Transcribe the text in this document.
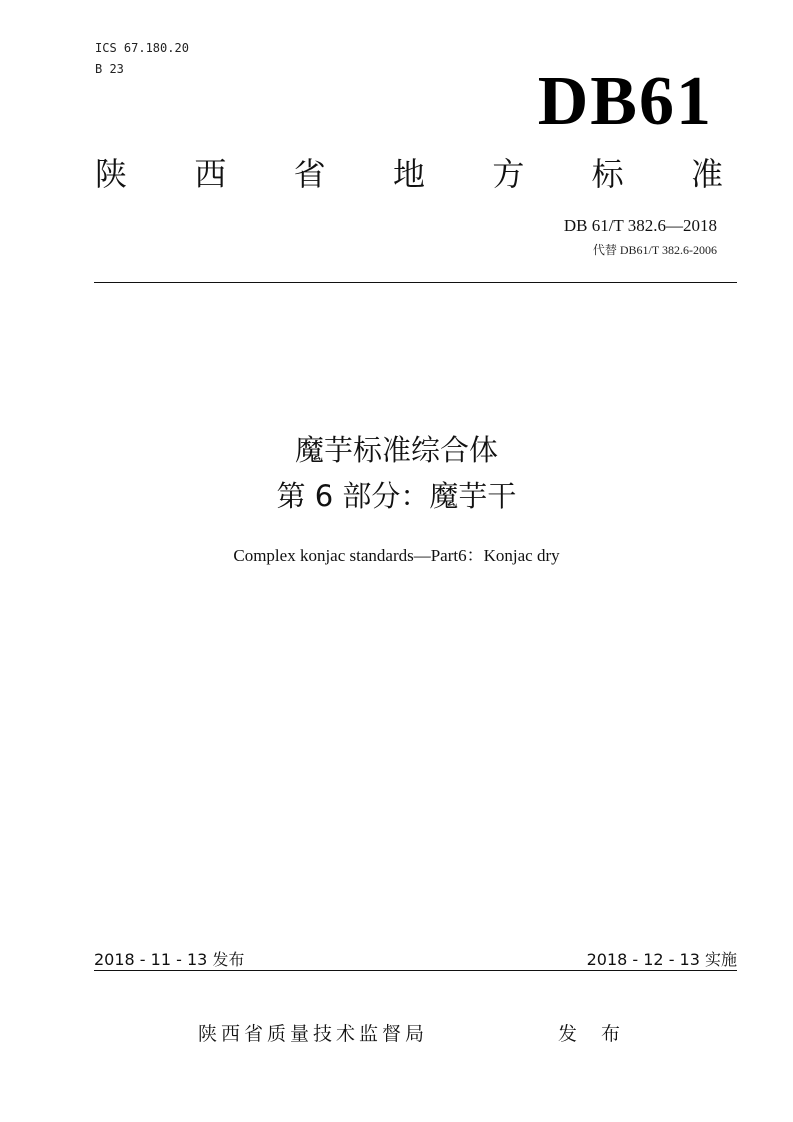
ICS 67.180.20
B 23	DB61
陕 西 省 地 方 标 准
DB 61/T 382.6—2018
代替 DB61/T 382.6-2006
魔芋标准综合体
第 6 部分：魔芋干
Complex konjac standards—Part6：Konjac dry
2018 - 11 - 13 发布	2018 - 12 - 13 实施
陕西省质量技术监督局	发 布
